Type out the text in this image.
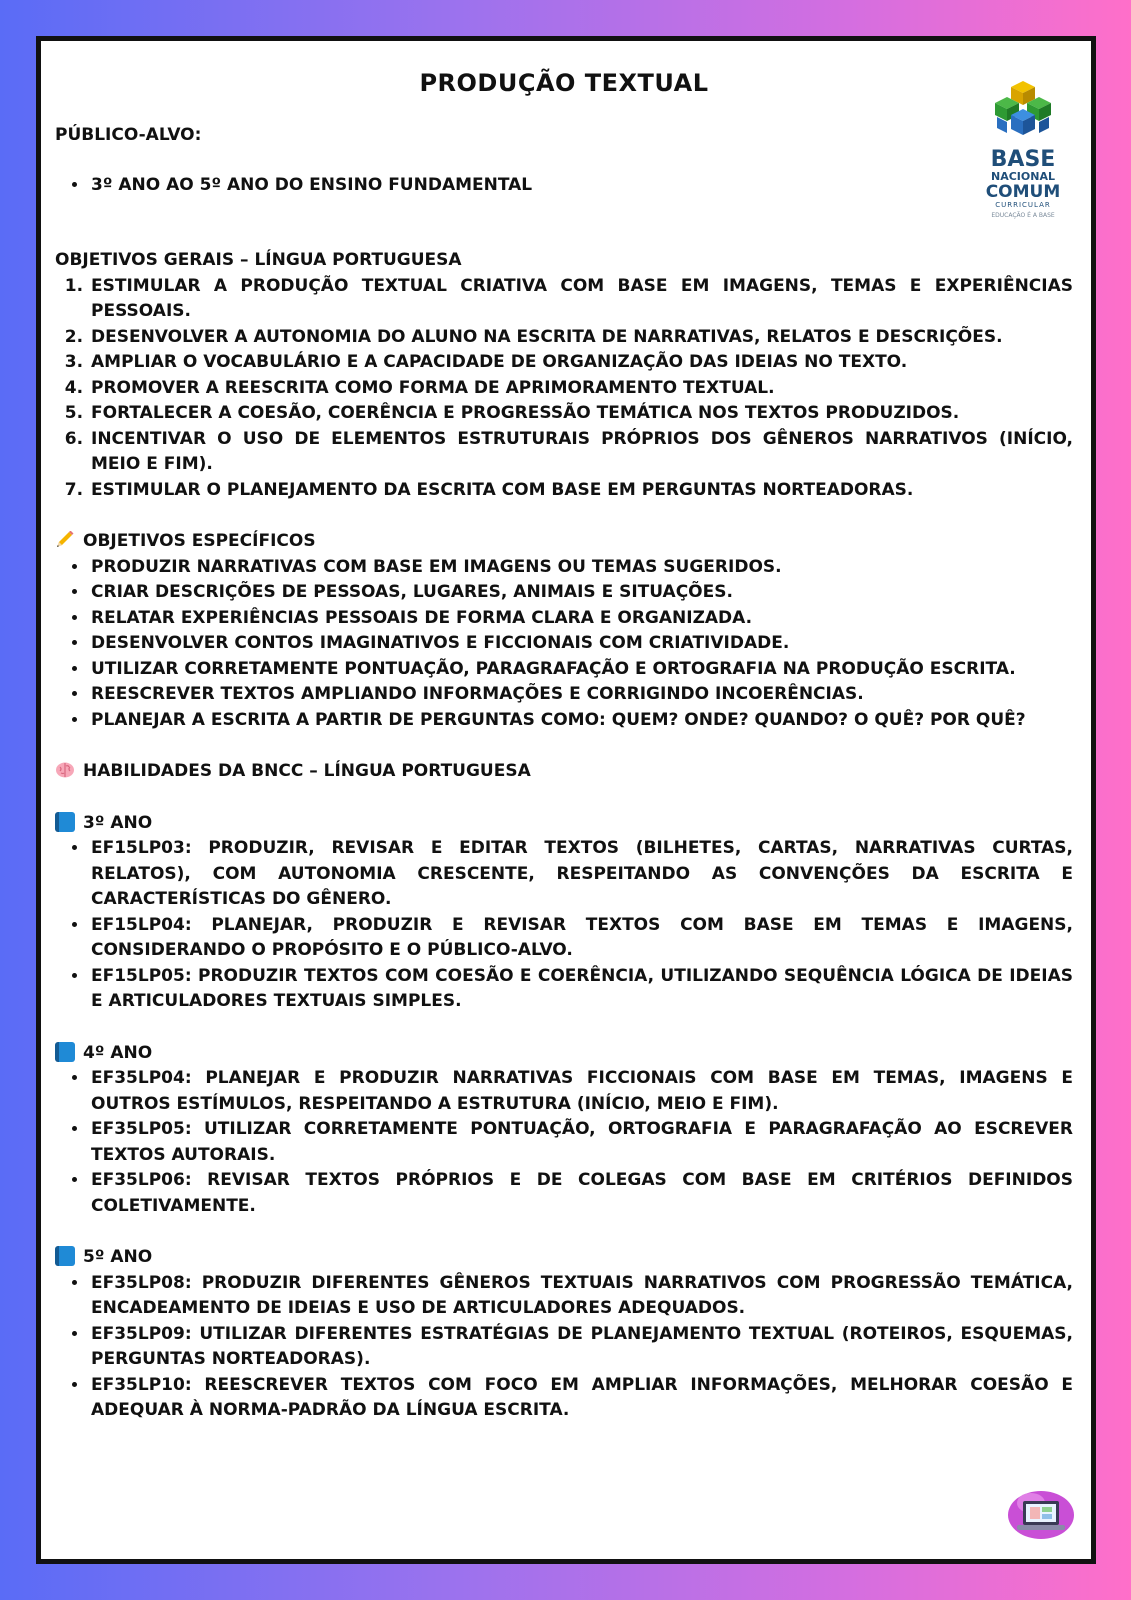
BASE
NACIONAL
COMUM
CURRICULAR
EDUCAÇÃO É A BASE
PRODUÇÃO TEXTUAL

PÚBLICO-ALVO:

• 3º ANO AO 5º ANO DO ENSINO FUNDAMENTAL

OBJETIVOS GERAIS – LÍNGUA PORTUGUESA

1. ESTIMULAR A PRODUÇÃO TEXTUAL CRIATIVA COM BASE EM IMAGENS, TEMAS E EXPERIÊNCIAS PESSOAIS.
2. DESENVOLVER A AUTONOMIA DO ALUNO NA ESCRITA DE NARRATIVAS, RELATOS E DESCRIÇÕES.
3. AMPLIAR O VOCABULÁRIO E A CAPACIDADE DE ORGANIZAÇÃO DAS IDEIAS NO TEXTO.
4. PROMOVER A REESCRITA COMO FORMA DE APRIMORAMENTO TEXTUAL.
5. FORTALECER A COESÃO, COERÊNCIA E PROGRESSÃO TEMÁTICA NOS TEXTOS PRODUZIDOS.
6. INCENTIVAR O USO DE ELEMENTOS ESTRUTURAIS PRÓPRIOS DOS GÊNEROS NARRATIVOS (INÍCIO, MEIO E FIM).
7. ESTIMULAR O PLANEJAMENTO DA ESCRITA COM BASE EM PERGUNTAS NORTEADORAS.

OBJETIVOS ESPECÍFICOS

• PRODUZIR NARRATIVAS COM BASE EM IMAGENS OU TEMAS SUGERIDOS.
• CRIAR DESCRIÇÕES DE PESSOAS, LUGARES, ANIMAIS E SITUAÇÕES.
• RELATAR EXPERIÊNCIAS PESSOAIS DE FORMA CLARA E ORGANIZADA.
• DESENVOLVER CONTOS IMAGINATIVOS E FICCIONAIS COM CRIATIVIDADE.
• UTILIZAR CORRETAMENTE PONTUAÇÃO, PARAGRAFAÇÃO E ORTOGRAFIA NA PRODUÇÃO ESCRITA.
• REESCREVER TEXTOS AMPLIANDO INFORMAÇÕES E CORRIGINDO INCOERÊNCIAS.
• PLANEJAR A ESCRITA A PARTIR DE PERGUNTAS COMO: QUEM? ONDE? QUANDO? O QUÊ? POR QUÊ?

HABILIDADES DA BNCC – LÍNGUA PORTUGUESA

3º ANO

• EF15LP03: PRODUZIR, REVISAR E EDITAR TEXTOS (BILHETES, CARTAS, NARRATIVAS CURTAS, RELATOS), COM AUTONOMIA CRESCENTE, RESPEITANDO AS CONVENÇÕES DA ESCRITA E CARACTERÍSTICAS DO GÊNERO.
• EF15LP04: PLANEJAR, PRODUZIR E REVISAR TEXTOS COM BASE EM TEMAS E IMAGENS, CONSIDERANDO O PROPÓSITO E O PÚBLICO-ALVO.
• EF15LP05: PRODUZIR TEXTOS COM COESÃO E COERÊNCIA, UTILIZANDO SEQUÊNCIA LÓGICA DE IDEIAS E ARTICULADORES TEXTUAIS SIMPLES.

4º ANO

• EF35LP04: PLANEJAR E PRODUZIR NARRATIVAS FICCIONAIS COM BASE EM TEMAS, IMAGENS E OUTROS ESTÍMULOS, RESPEITANDO A ESTRUTURA (INÍCIO, MEIO E FIM).
• EF35LP05: UTILIZAR CORRETAMENTE PONTUAÇÃO, ORTOGRAFIA E PARAGRAFAÇÃO AO ESCREVER TEXTOS AUTORAIS.
• EF35LP06: REVISAR TEXTOS PRÓPRIOS E DE COLEGAS COM BASE EM CRITÉRIOS DEFINIDOS COLETIVAMENTE.

5º ANO

• EF35LP08: PRODUZIR DIFERENTES GÊNEROS TEXTUAIS NARRATIVOS COM PROGRESSÃO TEMÁTICA, ENCADEAMENTO DE IDEIAS E USO DE ARTICULADORES ADEQUADOS.
• EF35LP09: UTILIZAR DIFERENTES ESTRATÉGIAS DE PLANEJAMENTO TEXTUAL (ROTEIROS, ESQUEMAS, PERGUNTAS NORTEADORAS).
• EF35LP10: REESCREVER TEXTOS COM FOCO EM AMPLIAR INFORMAÇÕES, MELHORAR COESÃO E ADEQUAR À NORMA-PADRÃO DA LÍNGUA ESCRITA.
